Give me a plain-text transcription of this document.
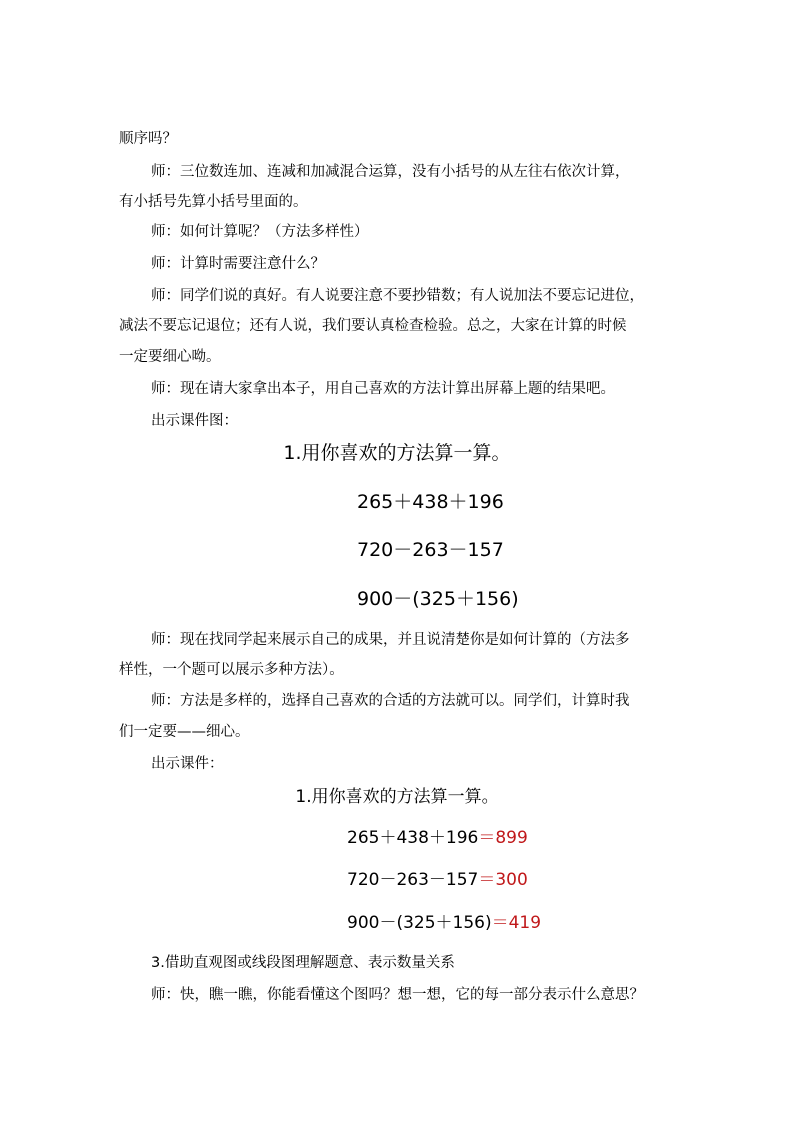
顺序吗？
师：三位数连加、连减和加减混合运算，没有小括号的从左往右依次计算，
有小括号先算小括号里面的。
师：如何计算呢？（方法多样性）
师：计算时需要注意什么？
师：同学们说的真好。有人说要注意不要抄错数；有人说加法不要忘记进位，
减法不要忘记退位；还有人说，我们要认真检查检验。总之，大家在计算的时候
一定要细心呦。
师：现在请大家拿出本子，用自己喜欢的方法计算出屏幕上题的结果吧。
出示课件图：
1.用你喜欢的方法算一算。
265＋438＋196
720－263－157
900－(325＋156)
师：现在找同学起来展示自己的成果，并且说清楚你是如何计算的（方法多
样性，一个题可以展示多种方法）。
师：方法是多样的，选择自己喜欢的合适的方法就可以。同学们，计算时我
们一定要——细心。
出示课件：
1.用你喜欢的方法算一算。
265＋438＋196＝899
720－263－157＝300
900－(325＋156)＝419
3.借助直观图或线段图理解题意、表示数量关系
师：快，瞧一瞧，你能看懂这个图吗？想一想，它的每一部分表示什么意思？
